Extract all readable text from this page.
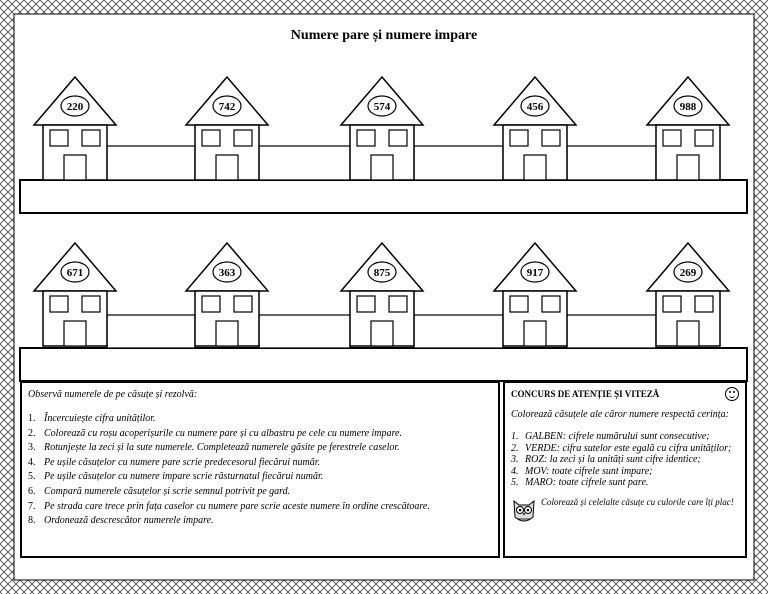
Numere pare și numere impare
220	742	574	456	988
671	363	875	917	269
Observă numerele de pe căsuțe și rezolvă:
1. Încercuiește cifra unităților.
2. Colorează cu roșu acoperișurile cu numere pare și cu albastru pe cele cu numere impare.
3. Rotunjește la zeci și la sute numerele. Completează numerele găsite pe ferestrele caselor.
4. Pe ușile căsuțelor cu numere pare scrie predecesorul fiecărui număr.
5. Pe ușile căsuțelor cu numere impare scrie răsturnatul fiecărui număr.
6. Compară numerele căsuțelor și scrie semnul potrivit pe gard.
7. Pe strada care trece prin fața caselor cu numere pare scrie aceste numere în ordine crescătoare.
8. Ordonează descrescător numerele impare.
CONCURS DE ATENȚIE ȘI VITEZĂ
Colorează căsuțele ale căror numere respectă cerința:
1. GALBEN: cifrele numărului sunt consecutive;
2. VERDE: cifra sutelor este egală cu cifra unităților;
3. ROZ: la zeci și la unități sunt cifre identice;
4. MOV: toate cifrele sunt impare;
5. MARO: toate cifrele sunt pare.
Colorează și celelalte căsuțe cu culorile care îți plac!
